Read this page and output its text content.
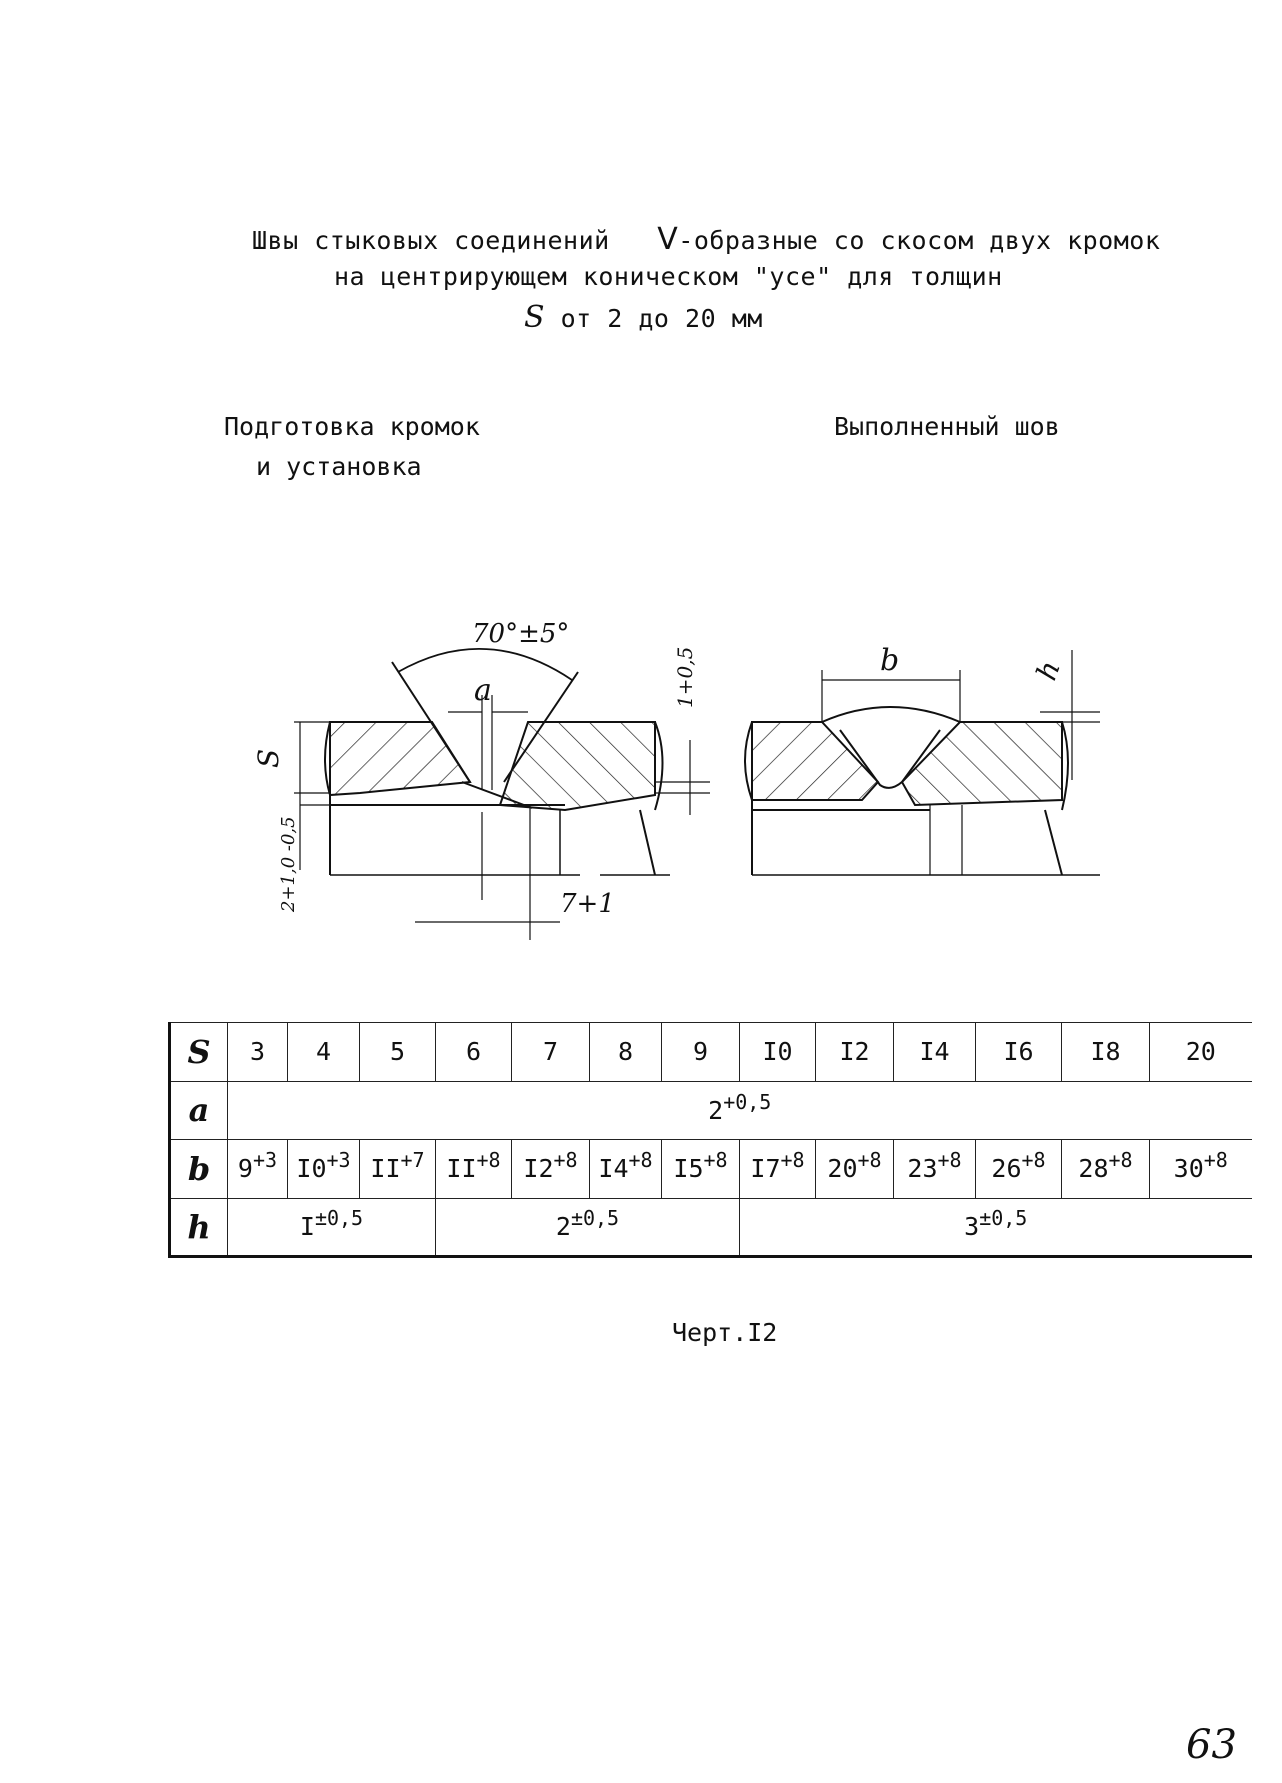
Швы стыковых соединений V-образные со скосом двух кромок
на центрирующем коническом "усе" для толщин
S от 2 до 20 мм
Подготовка кромок
и установка
Выполненный шов
70°±5°
a
S
1+0,5
2+1,0 -0,5	7+1
b	h
S	3	4	5	6	7	8	9	I0	I2	I4	I6	I8	20
a	$2^{+0,5}$
b	$9^{+3}$	$I0^{+3}$	$II^{+7}$	$II^{+8}$	$I2^{+8}$	$I4^{+8}$	$I5^{+8}$	$I7^{+8}$	$20^{+8}$	$23^{+8}$	$26^{+8}$	$28^{+8}$	$30^{+8}$
h	$I^{\pm 0,5}$			$2^{\pm 0,5}$				$3^{\pm 0,5}$
Черт.I2
63
